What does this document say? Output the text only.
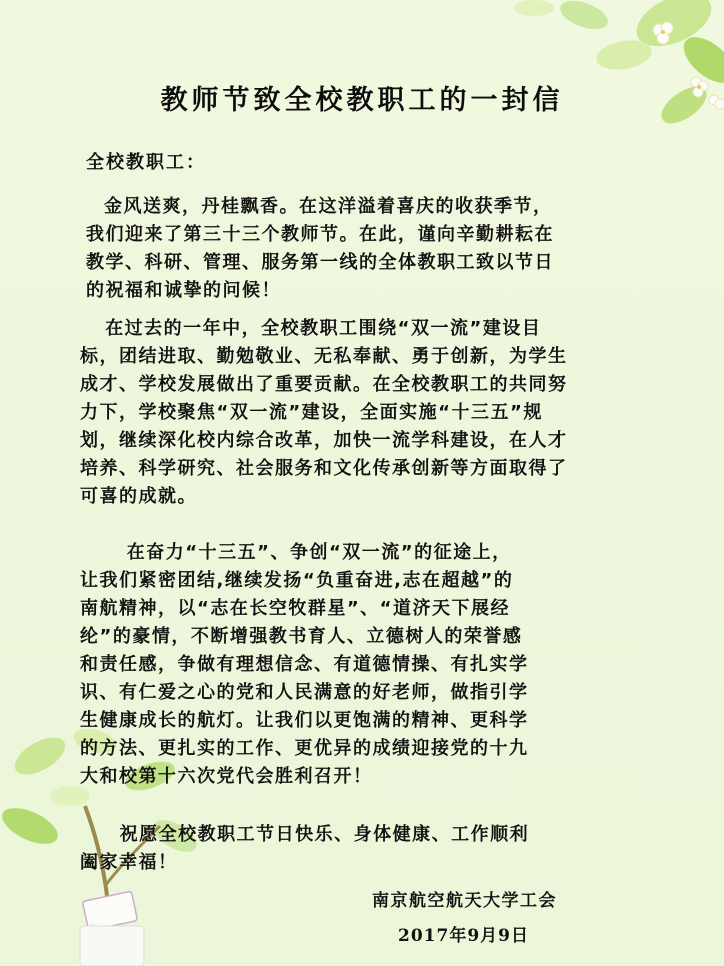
教师节致全校教职工的一封信
全校教职工：

金风送爽，丹桂飘香。在这洋溢着喜庆的收获季节，
我们迎来了第三十三个教师节。在此，谨向辛勤耕耘在
教学、科研、管理、服务第一线的全体教职工致以节日
的祝福和诚挚的问候！

在过去的一年中，全校教职工围绕“双一流”建设目
标，团结进取、勤勉敬业、无私奉献、勇于创新，为学生
成才、学校发展做出了重要贡献。在全校教职工的共同努
力下，学校聚焦“双一流”建设，全面实施“十三五”规
划，继续深化校内综合改革，加快一流学科建设，在人才
培养、科学研究、社会服务和文化传承创新等方面取得了
可喜的成就。

在奋力“十三五”、争创“双一流”的征途上，
让我们紧密团结,继续发扬“负重奋进,志在超越”的
南航精神，以“志在长空牧群星”、“道济天下展经
纶”的豪情，不断增强教书育人、立德树人的荣誉感
和责任感，争做有理想信念、有道德情操、有扎实学
识、有仁爱之心的党和人民满意的好老师，做指引学
生健康成长的航灯。让我们以更饱满的精神、更科学
的方法、更扎实的工作、更优异的成绩迎接党的十九
大和校第十六次党代会胜利召开！

祝愿全校教职工节日快乐、身体健康、工作顺利
阖家幸福！

南京航空航天大学工会
2017年9月9日
